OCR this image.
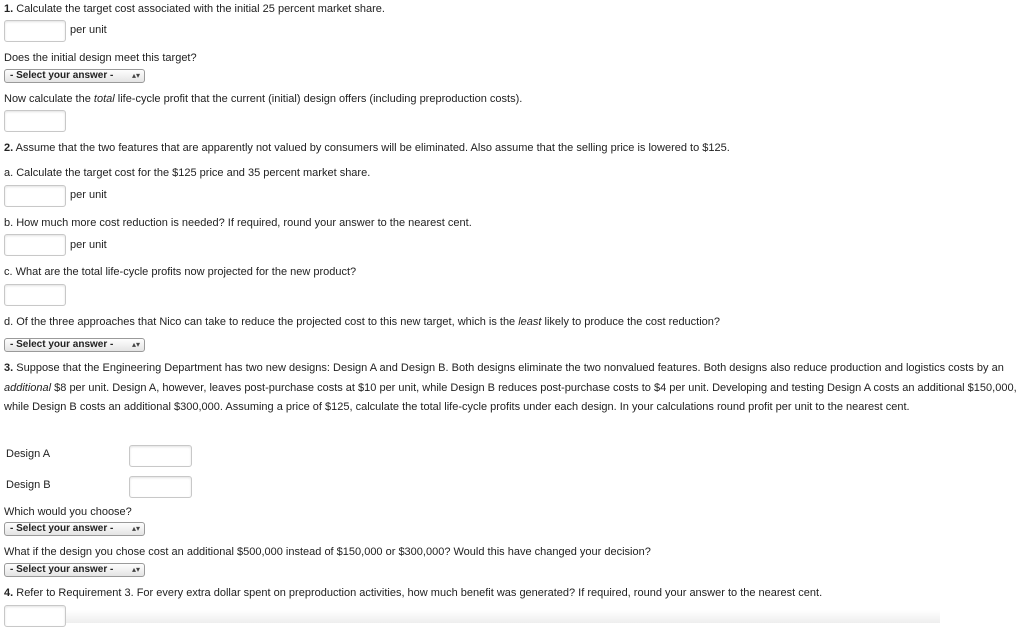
1. Calculate the target cost associated with the initial 25 percent market share.
per unit
Does the initial design meet this target?
- Select your answer - ▴▾
Now calculate the total life-cycle profit that the current (initial) design offers (including preproduction costs).
2. Assume that the two features that are apparently not valued by consumers will be eliminated. Also assume that the selling price is lowered to $125.
a. Calculate the target cost for the $125 price and 35 percent market share.
per unit
b. How much more cost reduction is needed? If required, round your answer to the nearest cent.
per unit
c. What are the total life-cycle profits now projected for the new product?
d. Of the three approaches that Nico can take to reduce the projected cost to this new target, which is the least likely to produce the cost reduction?
- Select your answer - ▴▾
3. Suppose that the Engineering Department has two new designs: Design A and Design B. Both designs eliminate the two nonvalued features. Both designs also reduce production and logistics costs by an additional $8 per unit. Design A, however, leaves post-purchase costs at $10 per unit, while Design B reduces post-purchase costs to $4 per unit. Developing and testing Design A costs an additional $150,000, while Design B costs an additional $300,000. Assuming a price of $125, calculate the total life-cycle profits under each design. In your calculations round profit per unit to the nearest cent.
Design A
Design B
Which would you choose?
- Select your answer - ▴▾
What if the design you chose cost an additional $500,000 instead of $150,000 or $300,000? Would this have changed your decision?
- Select your answer - ▴▾
4. Refer to Requirement 3. For every extra dollar spent on preproduction activities, how much benefit was generated? If required, round your answer to the nearest cent.
